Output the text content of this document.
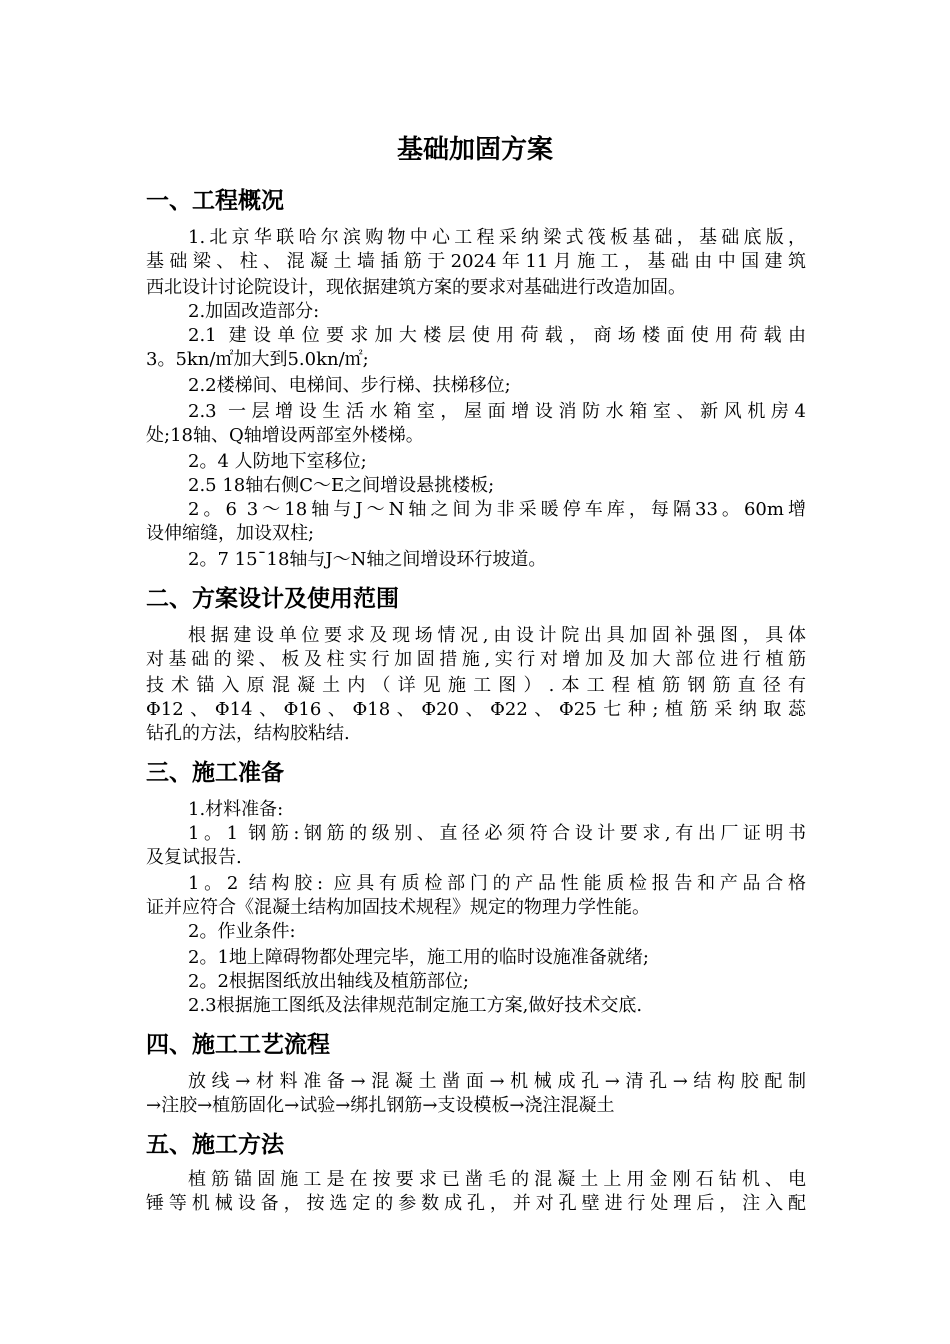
基础加固方案
一、工程概况

1.北京华联哈尔滨购物中心工程采纳梁式筏板基础，基础底版，

基础梁、柱、混凝土墙插筋于2024年11月施工，基础由中国建筑

西北设计讨论院设计，现依据建筑方案的要求对基础进行改造加固。

2.加固改造部分:

2.1 建设单位要求加大楼层使用荷载，商场楼面使用荷载由

3。5kn/㎡加大到5.0kn/㎡;

2.2楼梯间、电梯间、步行梯、扶梯移位;

2.3 一层增设生活水箱室，屋面增设消防水箱室、新风机房4

处;18轴、Q轴增设两部室外楼梯。

2。4 人防地下室移位;

2.5 18轴右侧C～E之间增设悬挑楼板;

2。6 3～18轴与J～N轴之间为非采暖停车库，每隔33。60m增

设伸缩缝，加设双柱;

2。7 15¯18轴与J～N轴之间增设环行坡道。

二、方案设计及使用范围

根据建设单位要求及现场情况,由设计院出具加固补强图，具体

对基础的梁、板及柱实行加固措施,实行对增加及加大部位进行植筋

技术锚入原混凝土内（详见施工图）.本工程植筋钢筋直径有

Φ12、Φ14、Φ16、Φ18、Φ20、Φ22、Φ25七种;植筋采纳取蕊

钻孔的方法，结构胶粘结.

三、施工准备

1.材料准备:

1。1 钢筋:钢筋的级别、直径必须符合设计要求,有出厂证明书

及复试报告.

1。2 结构胶: 应具有质检部门的产品性能质检报告和产品合格

证并应符合《混凝土结构加固技术规程》规定的物理力学性能。

2。作业条件:

2。1地上障碍物都处理完毕，施工用的临时设施准备就绪;

2。2根据图纸放出轴线及植筋部位;

2.3根据施工图纸及法律规范制定施工方案,做好技术交底.

四、施工工艺流程

放线→材料准备→混凝土凿面→机械成孔→清孔→结构胶配制

→注胶→植筋固化→试验→绑扎钢筋→支设模板→浇注混凝土

五、施工方法

植筋锚固施工是在按要求已凿毛的混凝土上用金刚石钻机、电

锤等机械设备，按选定的参数成孔，并对孔壁进行处理后，注入配
